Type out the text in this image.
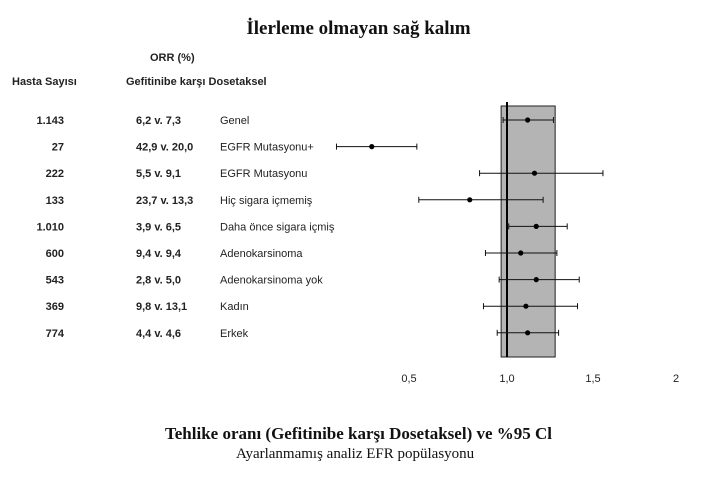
İlerleme olmayan sağ kalım
ORR (%)
Hasta Sayısı	Gefitinibe karşı Dosetaksel
1.143	6,2 v. 7,3	Genel
27	42,9 v. 20,0 EGFR Mutasyonu+
222	5,5 v. 9,1	EGFR Mutasyonu
133	23,7 v. 13,3 Hiç sigara içmemiş
1.010	3,9 v. 6,5	Daha önce sigara içmiş
600	9,4 v. 9,4	Adenokarsinoma
543	2,8 v. 5,0	Adenokarsinoma yok
369	9,8 v. 13,1	Kadın
774	4,4 v. 4,6	Erkek
0,5	1,0	1,5	2
Tehlike oranı (Gefitinibe karşı Dosetaksel) ve %95 Cl
Ayarlanmamış analiz EFR popülasyonu
